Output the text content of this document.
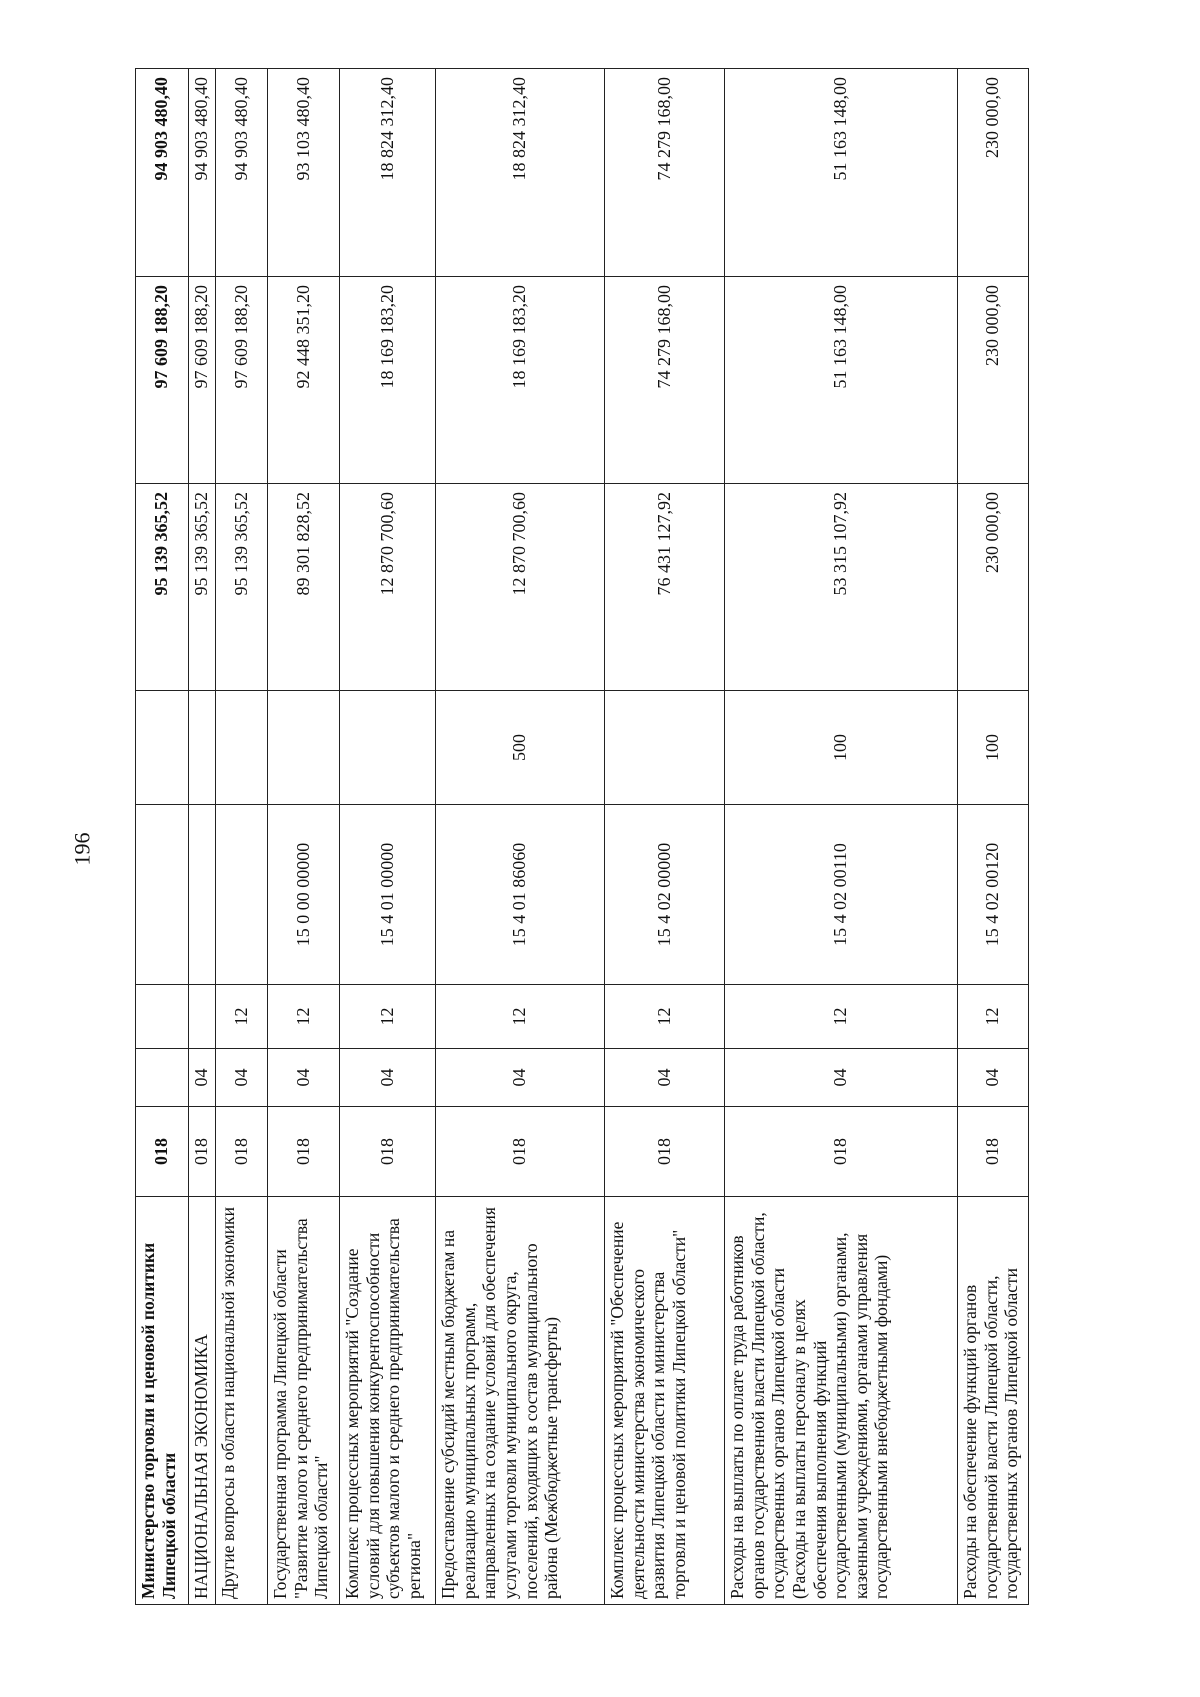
196
Министерство торговли и ценовой политики Липецкой области	018					95 139 365,52	97 609 188,20	94 903 480,40
НАЦИОНАЛЬНАЯ ЭКОНОМИКА	018	04				95 139 365,52	97 609 188,20	94 903 480,40
Другие вопросы в области национальной экономики	018	04	12			95 139 365,52	97 609 188,20	94 903 480,40
Государственная программа Липецкой области "Развитие малого и среднего предпринимательства Липецкой области"	018	04	12	15 0 00 00000		89 301 828,52	92 448 351,20	93 103 480,40
Комплекс процессных мероприятий "Создание условий для повышения конкурентоспособности субъектов малого и среднего предпринимательства региона"	018	04	12	15 4 01 00000		12 870 700,60	18 169 183,20	18 824 312,40
Предоставление субсидий местным бюджетам на реализацию муниципальных программ, направленных на создание условий для обеспечения услугами торговли муниципального округа, поселений, входящих в состав муниципального района (Межбюджетные трансферты)	018	04	12	15 4 01 86060	500	12 870 700,60	18 169 183,20	18 824 312,40
Комплекс процессных мероприятий "Обеспечение деятельности министерства экономического развития Липецкой области и министерства торговли и ценовой политики Липецкой области"	018	04	12	15 4 02 00000		76 431 127,92	74 279 168,00	74 279 168,00
Расходы на выплаты по оплате труда работников органов государственной власти Липецкой области, государственных органов Липецкой области (Расходы на выплаты персоналу в целях обеспечения выполнения функций государственными (муниципальными) органами, казенными учреждениями, органами управления государственными внебюджетными фондами)	018	04	12	15 4 02 00110	100	53 315 107,92	51 163 148,00	51 163 148,00
Расходы на обеспечение функций органов государственной власти Липецкой области, государственных органов Липецкой области	018	04	12	15 4 02 00120	100	230 000,00	230 000,00	230 000,00
